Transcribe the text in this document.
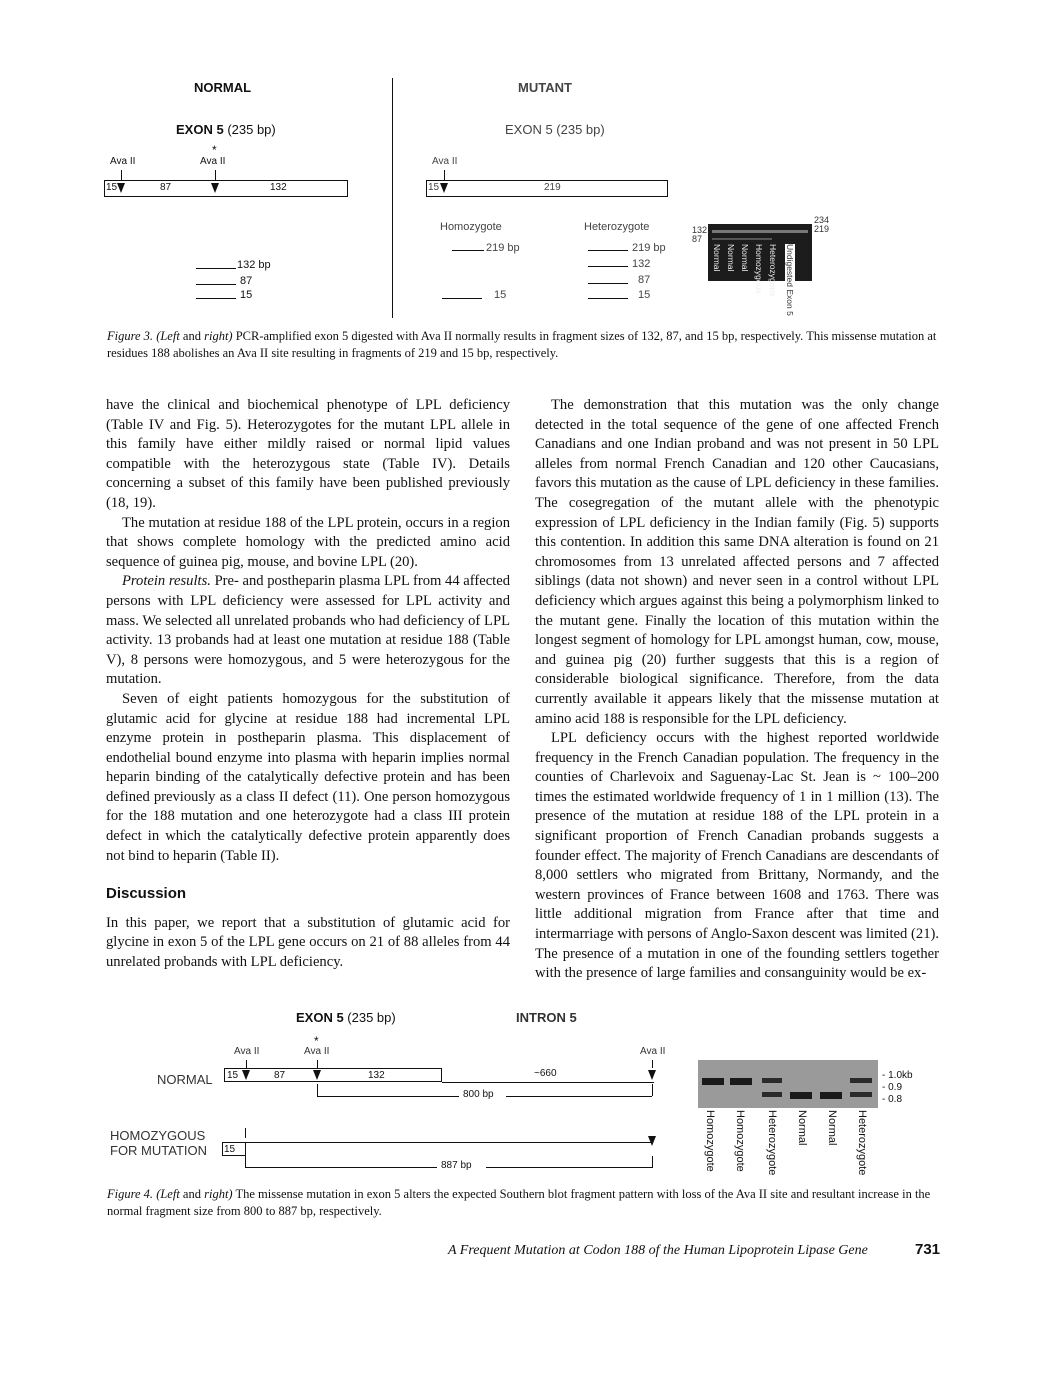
NORMAL
EXON 5 (235 bp)
*
Ava II	Ava II
15	87	132
132 bp
87
15
MUTANT
EXON 5 (235 bp)
Ava II
15	219
Homozygote
219 bp
15
Heterozygote
219 bp
132
87
15
132
87
234
219
Normal Normal Normal Homozygous Heterozygous Undigested Exon 5
Figure 3. (Left and right) PCR-amplified exon 5 digested with Ava II normally results in fragment sizes of 132, 87, and 15 bp, respectively. This missense mutation at residues 188 abolishes an Ava II site resulting in fragments of 219 and 15 bp, respectively.

have the clinical and biochemical phenotype of LPL deficiency (Table IV and Fig. 5). Heterozygotes for the mutant LPL allele in this family have either mildly raised or normal lipid values compatible with the heterozygous state (Table IV). Details concerning a subset of this family have been published previously (18, 19).

The mutation at residue 188 of the LPL protein, occurs in a region that shows complete homology with the predicted amino acid sequence of guinea pig, mouse, and bovine LPL (20).

Protein results. Pre- and postheparin plasma LPL from 44 affected persons with LPL deficiency were assessed for LPL activity and mass. We selected all unrelated probands who had deficiency of LPL activity. 13 probands had at least one mutation at residue 188 (Table V), 8 persons were homozygous, and 5 were heterozygous for the mutation.

Seven of eight patients homozygous for the substitution of glutamic acid for glycine at residue 188 had incremental LPL enzyme protein in postheparin plasma. This displacement of endothelial bound enzyme into plasma with heparin implies normal heparin binding of the catalytically defective protein and has been defined previously as a class II defect (11). One person homozygous for the 188 mutation and one heterozygote had a class III protein defect in which the catalytically defective protein apparently does not bind to heparin (Table II).

Discussion

In this paper, we report that a substitution of glutamic acid for glycine in exon 5 of the LPL gene occurs on 21 of 88 alleles from 44 unrelated probands with LPL deficiency.

The demonstration that this mutation was the only change detected in the total sequence of the gene of one affected French Canadians and one Indian proband and was not present in 50 LPL alleles from normal French Canadian and 120 other Caucasians, favors this mutation as the cause of LPL deficiency in these families. The cosegregation of the mutant allele with the phenotypic expression of LPL deficiency in the Indian family (Fig. 5) supports this contention. In addition this same DNA alteration is found on 21 chromosomes from 13 unrelated affected persons and 7 affected siblings (data not shown) and never seen in a control without LPL deficiency which argues against this being a polymorphism linked to the mutant gene. Finally the location of this mutation within the longest segment of homology for LPL amongst human, cow, mouse, and guinea pig (20) further suggests that this is a region of considerable biological significance. Therefore, from the data currently available it appears likely that the missense mutation at amino acid 188 is responsible for the LPL deficiency.

LPL deficiency occurs with the highest reported worldwide frequency in the French Canadian population. The frequency in the counties of Charlevoix and Saguenay-Lac St. Jean is ~ 100–200 times the estimated worldwide frequency of 1 in 1 million (13). The presence of the mutation at residue 188 of the LPL protein in a significant proportion of French Canadian probands suggests a founder effect. The majority of French Canadians are descendants of 8,000 settlers who migrated from Brittany, Normandy, and the western provinces of France between 1608 and 1763. There was little additional migration from France after that time and intermarriage with persons of Anglo-Saxon descent was limited (21). The presence of a mutation in one of the founding settlers together with the presence of large families and consanguinity would be ex-

EXON 5 (235 bp)	INTRON 5
*
Ava II	Ava II	Ava II
NORMAL 15	87	132	~660
800 bp
HOMOZYGOUS
FOR MUTATION 15
887 bp
- 1.0kb
- 0.9
- 0.8
Homozygote Homozygote Heterozygote Normal Normal Heterozygote
Figure 4. (Left and right) The missense mutation in exon 5 alters the expected Southern blot fragment pattern with loss of the Ava II site and resultant increase in the normal fragment size from 800 to 887 bp, respectively.
A Frequent Mutation at Codon 188 of the Human Lipoprotein Lipase Gene	731
